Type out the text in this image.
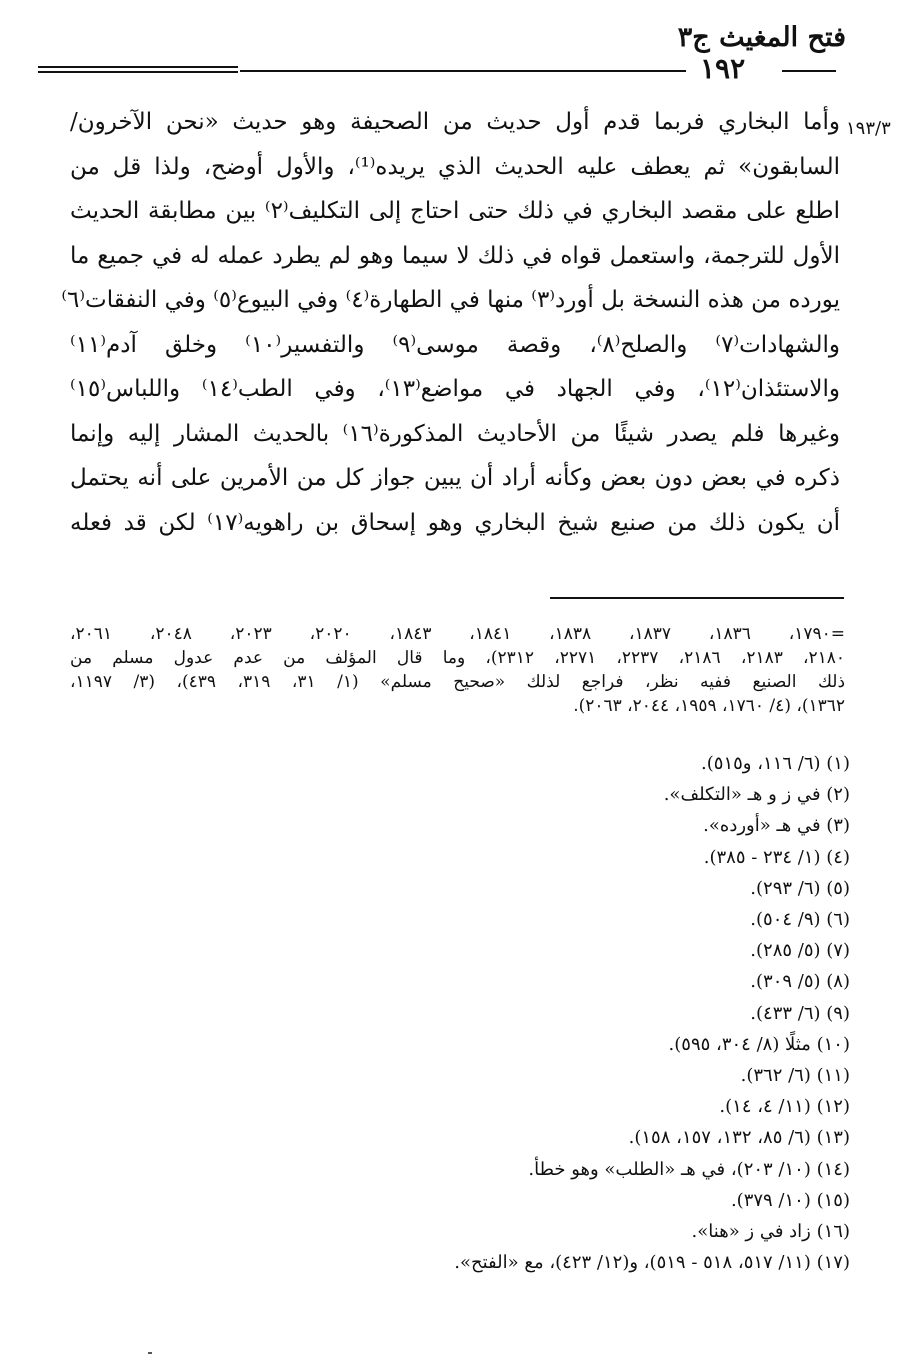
فتح المغيث ج٣
١٩٢
١٩٣/٣
وأما البخاري فربما قدم أول حديث من الصحيفة وهو حديث «نحن الآخرون/
السابقون» ثم يعطف عليه الحديث الذي يريده⁽¹⁾، والأول أوضح، ولذا قل من
اطلع على مقصد البخاري في ذلك حتى احتاج إلى التكليف⁽٢⁾ بين مطابقة الحديث
الأول للترجمة، واستعمل قواه في ذلك لا سيما وهو لم يطرد عمله له في جميع ما
يورده من هذه النسخة بل أورد⁽٣⁾ منها في الطهارة⁽٤⁾ وفي البيوع⁽٥⁾ وفي النفقات⁽٦⁾
والشهادات⁽٧⁾ والصلح⁽٨⁾، وقصة موسى⁽٩⁾ والتفسير⁽١٠⁾ وخلق آدم⁽١١⁾
والاستئذان⁽١٢⁾، وفي الجهاد في مواضع⁽١٣⁾، وفي الطب⁽١٤⁾ واللباس⁽١٥⁾
وغيرها فلم يصدر شيئًا من الأحاديث المذكورة⁽١٦⁾ بالحديث المشار إليه وإنما
ذكره في بعض دون بعض وكأنه أراد أن يبين جواز كل من الأمرين على أنه يحتمل
أن يكون ذلك من صنيع شيخ البخاري وهو إسحاق بن راهويه⁽١٧⁾ لكن قد فعله
=١٧٩٠، ١٨٣٦، ١٨٣٧، ١٨٣٨، ١٨٤١، ١٨٤٣، ٢٠٢٠، ٢٠٢٣، ٢٠٤٨، ٢٠٦١،
٢١٨٠، ٢١٨٣، ٢١٨٦، ٢٢٣٧، ٢٢٧١، ٢٣١٢)، وما قال المؤلف من عدم عدول مسلم من
ذلك الصنيع ففيه نظر، فراجع لذلك «صحيح مسلم» (١/ ٣١، ٣١٩، ٤٣٩)، (٣/ ١١٩٧،
١٣٦٢)، (٤/ ١٧٦٠، ١٩٥٩، ٢٠٤٤، ٢٠٦٣).
(١) (٦/ ١١٦، و٥١٥).
(٢) في ز و هـ «التكلف».
(٣) في هـ «أورده».
(٤) (١/ ٢٣٤ - ٣٨٥).
(٥) (٦/ ٢٩٣).
(٦) (٩/ ٥٠٤).
(٧) (٥/ ٢٨٥).
(٨) (٥/ ٣٠٩).
(٩) (٦/ ٤٣٣).
(١٠) مثلًا (٨/ ٣٠٤، ٥٩٥).
(١١) (٦/ ٣٦٢).
(١٢) (١١/ ٤، ١٤).
(١٣) (٦/ ٨٥، ١٣٢، ١٥٧، ١٥٨).
(١٤) (١٠/ ٢٠٣)، في هـ «الطلب» وهو خطأ.
(١٥) (١٠/ ٣٧٩).
(١٦) زاد في ز «هنا».
(١٧) (١١/ ٥١٧، ٥١٨ - ٥١٩)، و(١٢/ ٤٢٣)، مع «الفتح».
